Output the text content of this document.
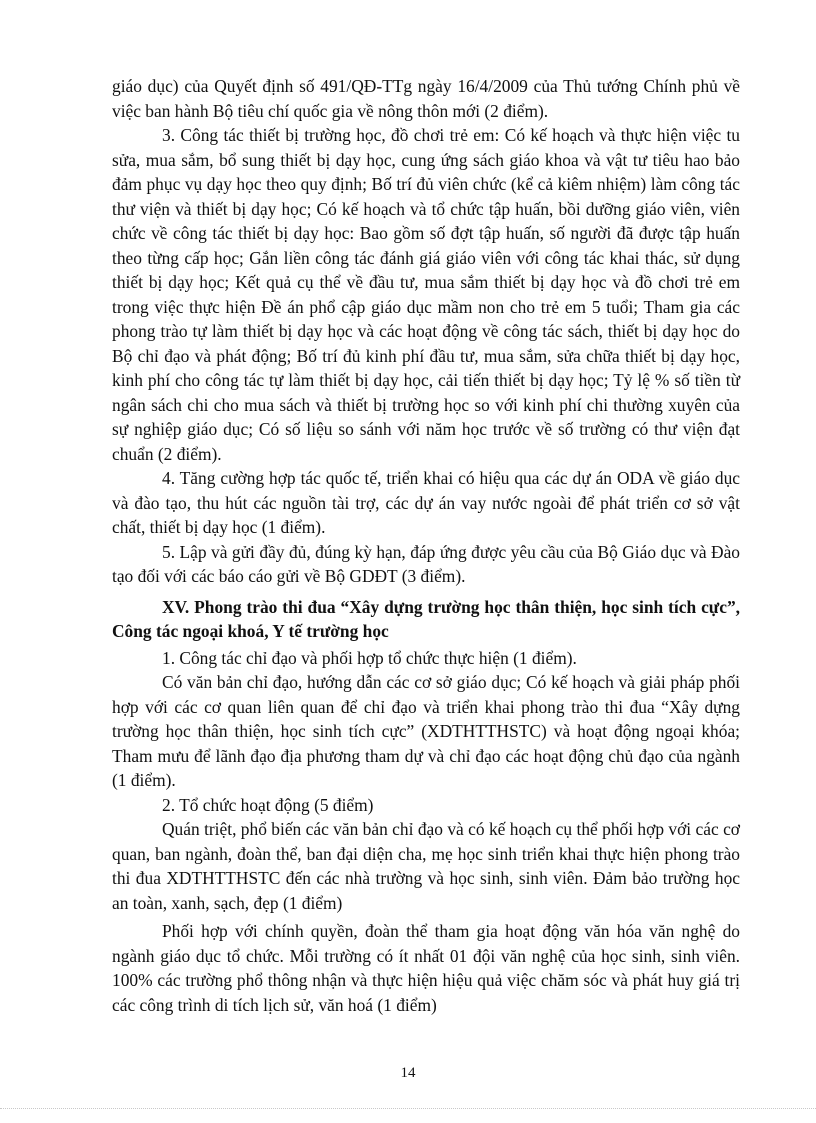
giáo dục) của Quyết định số 491/QĐ-TTg ngày 16/4/2009 của Thủ tướng Chính phủ về việc ban hành Bộ tiêu chí quốc gia về nông thôn mới (2 điểm).

3. Công tác thiết bị trường học, đồ chơi trẻ em: Có kế hoạch và thực hiện việc tu sửa, mua sắm, bổ sung thiết bị dạy học, cung ứng sách giáo khoa và vật tư tiêu hao bảo đảm phục vụ dạy học theo quy định; Bố trí đủ viên chức (kể cả kiêm nhiệm) làm công tác thư viện và thiết bị dạy học; Có kế hoạch và tổ chức tập huấn, bồi dưỡng giáo viên, viên chức về công tác thiết bị dạy học: Bao gồm số đợt tập huấn, số người đã được tập huấn theo từng cấp học; Gắn liền công tác đánh giá giáo viên với công tác khai thác, sử dụng thiết bị dạy học; Kết quả cụ thể về đầu tư, mua sắm thiết bị dạy học và đồ chơi trẻ em trong việc thực hiện Đề án phổ cập giáo dục mầm non cho trẻ em 5 tuổi; Tham gia các phong trào tự làm thiết bị dạy học và các hoạt động về công tác sách, thiết bị dạy học do Bộ chỉ đạo và phát động; Bố trí đủ kinh phí đầu tư, mua sắm, sửa chữa thiết bị dạy học, kinh phí cho công tác tự làm thiết bị dạy học, cải tiến thiết bị dạy học; Tỷ lệ % số tiền từ ngân sách chi cho mua sách và thiết bị trường học so với kinh phí chi thường xuyên của sự nghiệp giáo dục; Có số liệu so sánh với năm học trước về số trường có thư viện đạt chuẩn (2 điểm).

4. Tăng cường hợp tác quốc tế, triển khai có hiệu qua các dự án ODA về giáo dục và đào tạo, thu hút các nguồn tài trợ, các dự án vay nước ngoài để phát triển cơ sở vật chất, thiết bị dạy học (1 điểm).

5. Lập và gửi đầy đủ, đúng kỳ hạn, đáp ứng được yêu cầu của Bộ Giáo dục và Đào tạo đối với các báo cáo gửi về Bộ GDĐT (3 điểm).

XV. Phong trào thi đua “Xây dựng trường học thân thiện, học sinh tích cực”, Công tác ngoại khoá, Y tế trường học

1. Công tác chỉ đạo và phối hợp tổ chức thực hiện (1 điểm).

Có văn bản chỉ đạo, hướng dẫn các cơ sở giáo dục; Có kế hoạch và giải pháp phối hợp với các cơ quan liên quan để chỉ đạo và triển khai phong trào thi đua “Xây dựng trường học thân thiện, học sinh tích cực” (XDTHTTHSTC) và hoạt động ngoại khóa; Tham mưu để lãnh đạo địa phương tham dự và chỉ đạo các hoạt động chủ đạo của ngành (1 điểm).

2. Tổ chức hoạt động (5 điểm)

Quán triệt, phổ biến các văn bản chỉ đạo và có kế hoạch cụ thể phối hợp với các cơ quan, ban ngành, đoàn thể, ban đại diện cha, mẹ học sinh triển khai thực hiện phong trào thi đua XDTHTTHSTC đến các nhà trường và học sinh, sinh viên. Đảm bảo trường học an toàn, xanh, sạch, đẹp (1 điểm)

Phối hợp với chính quyền, đoàn thể tham gia hoạt động văn hóa văn nghệ do ngành giáo dục tổ chức. Mỗi trường có ít nhất 01 đội văn nghệ của học sinh, sinh viên. 100% các trường phổ thông nhận và thực hiện hiệu quả việc chăm sóc và phát huy giá trị các công trình di tích lịch sử, văn hoá (1 điểm)

14
